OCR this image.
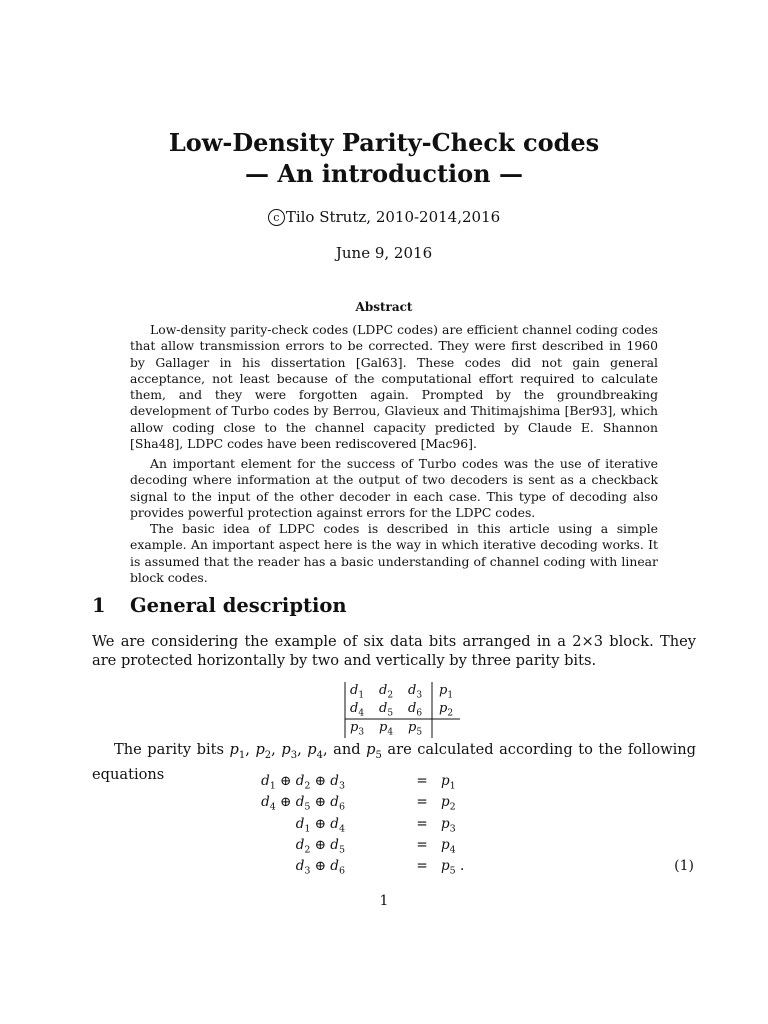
Low-Density Parity-Check codes
— An introduction —
c Tilo Strutz, 2010-2014,2016
June 9, 2016
Abstract

Low-density parity-check codes (LDPC codes) are efficient channel coding codes that allow transmission errors to be corrected. They were first described in 1960 by Gallager in his dissertation [Gal63]. These codes did not gain general acceptance, not least because of the computational effort required to calculate them, and they were forgotten again. Prompted by the groundbreaking development of Turbo codes by Berrou, Glavieux and Thitimajshima [Ber93], which allow coding close to the channel capacity predicted by Claude E. Shannon [Sha48], LDPC codes have been rediscovered [Mac96].

An important element for the success of Turbo codes was the use of iterative decoding where information at the output of two decoders is sent as a checkback signal to the input of the other decoder in each case. This type of decoding also provides powerful protection against errors for the LDPC codes.

The basic idea of LDPC codes is described in this article using a simple example. An important aspect here is the way in which iterative decoding works. It is assumed that the reader has a basic understanding of channel coding with linear block codes.

1 General description
We are considering the example of six data bits arranged in a 2×3 block. They are protected horizontally by two and vertically by three parity bits.
$d_1$ $d_2$ $d_3$ $p_1$
$d_4$ $d_5$ $d_6$ $p_2$
$p_3$ $p_4$ $p_5$
The parity bits $p_1$, $p_2$, $p_3$, $p_4$, and $p_5$ are calculated according to the following equations	$d_1$ ⊕ $d_2$ ⊕ $d_3$	= $p_1$
$d_4$ ⊕ $d_5$ ⊕ $d_6$	= $p_2$
$d_1$ ⊕ $d_4$	= $p_3$
$d_2$ ⊕ $d_5$	= $p_4$
$d_3$ ⊕ $d_6$	= $p_5$ .	(1)
1
